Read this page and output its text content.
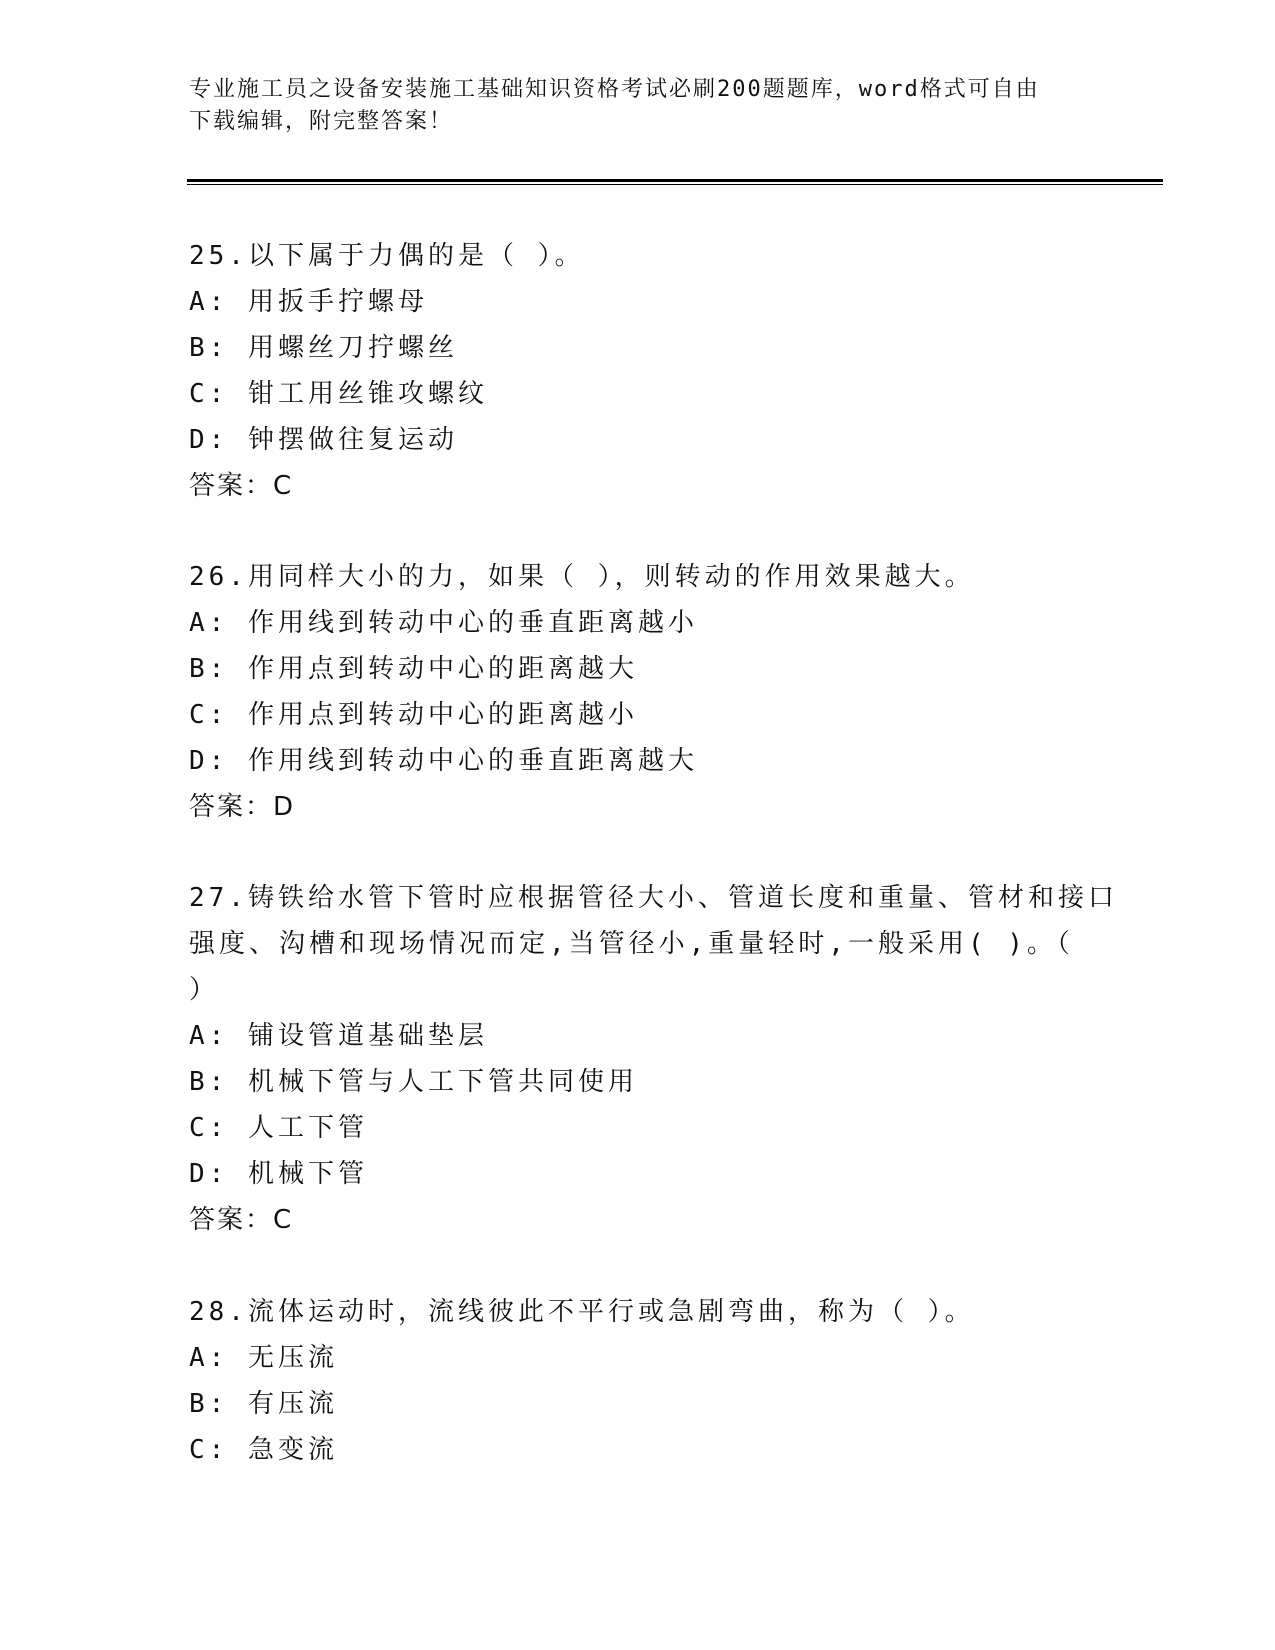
专业施工员之设备安装施工基础知识资格考试必刷200题题库，word格式可自由
下载编辑，附完整答案！
25.以下属于力偶的是（ ）。
A: 用扳手拧螺母
B: 用螺丝刀拧螺丝
C: 钳工用丝锥攻螺纹
D: 钟摆做往复运动
答案：C
26.用同样大小的力，如果（ ），则转动的作用效果越大。
A: 作用线到转动中心的垂直距离越小
B: 作用点到转动中心的距离越大
C: 作用点到转动中心的距离越小
D: 作用线到转动中心的垂直距离越大
答案：D
27.铸铁给水管下管时应根据管径大小、管道长度和重量、管材和接口
强度、沟槽和现场情况而定,当管径小,重量轻时,一般采用( )。（
）
A: 铺设管道基础垫层
B: 机械下管与人工下管共同使用
C: 人工下管
D: 机械下管
答案：C
28.流体运动时，流线彼此不平行或急剧弯曲，称为（ ）。
A: 无压流
B: 有压流
C: 急变流
